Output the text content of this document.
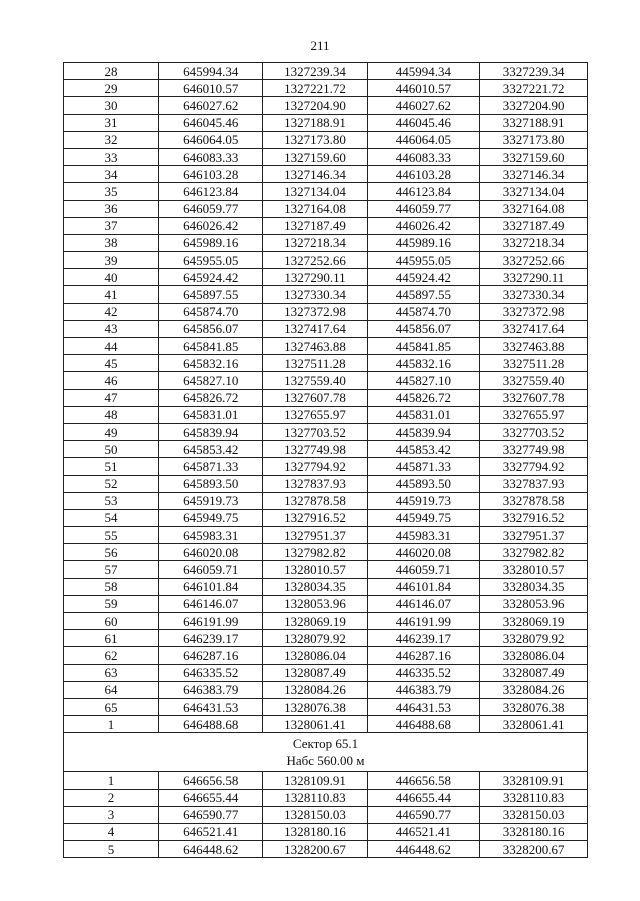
211
28	645994.34	1327239.34	445994.34	3327239.34
29	646010.57	1327221.72	446010.57	3327221.72
30	646027.62	1327204.90	446027.62	3327204.90
31	646045.46	1327188.91	446045.46	3327188.91
32	646064.05	1327173.80	446064.05	3327173.80
33	646083.33	1327159.60	446083.33	3327159.60
34	646103.28	1327146.34	446103.28	3327146.34
35	646123.84	1327134.04	446123.84	3327134.04
36	646059.77	1327164.08	446059.77	3327164.08
37	646026.42	1327187.49	446026.42	3327187.49
38	645989.16	1327218.34	445989.16	3327218.34
39	645955.05	1327252.66	445955.05	3327252.66
40	645924.42	1327290.11	445924.42	3327290.11
41	645897.55	1327330.34	445897.55	3327330.34
42	645874.70	1327372.98	445874.70	3327372.98
43	645856.07	1327417.64	445856.07	3327417.64
44	645841.85	1327463.88	445841.85	3327463.88
45	645832.16	1327511.28	445832.16	3327511.28
46	645827.10	1327559.40	445827.10	3327559.40
47	645826.72	1327607.78	445826.72	3327607.78
48	645831.01	1327655.97	445831.01	3327655.97
49	645839.94	1327703.52	445839.94	3327703.52
50	645853.42	1327749.98	445853.42	3327749.98
51	645871.33	1327794.92	445871.33	3327794.92
52	645893.50	1327837.93	445893.50	3327837.93
53	645919.73	1327878.58	445919.73	3327878.58
54	645949.75	1327916.52	445949.75	3327916.52
55	645983.31	1327951.37	445983.31	3327951.37
56	646020.08	1327982.82	446020.08	3327982.82
57	646059.71	1328010.57	446059.71	3328010.57
58	646101.84	1328034.35	446101.84	3328034.35
59	646146.07	1328053.96	446146.07	3328053.96
60	646191.99	1328069.19	446191.99	3328069.19
61	646239.17	1328079.92	446239.17	3328079.92
62	646287.16	1328086.04	446287.16	3328086.04
63	646335.52	1328087.49	446335.52	3328087.49
64	646383.79	1328084.26	446383.79	3328084.26
65	646431.53	1328076.38	446431.53	3328076.38
1	646488.68	1328061.41	446488.68	3328061.41

Сектор 65.1
Набс 560.00 м				

1	646656.58	1328109.91	446656.58	3328109.91
2	646655.44	1328110.83	446655.44	3328110.83
3	646590.77	1328150.03	446590.77	3328150.03
4	646521.41	1328180.16	446521.41	3328180.16
5	646448.62	1328200.67	446448.62	3328200.67
